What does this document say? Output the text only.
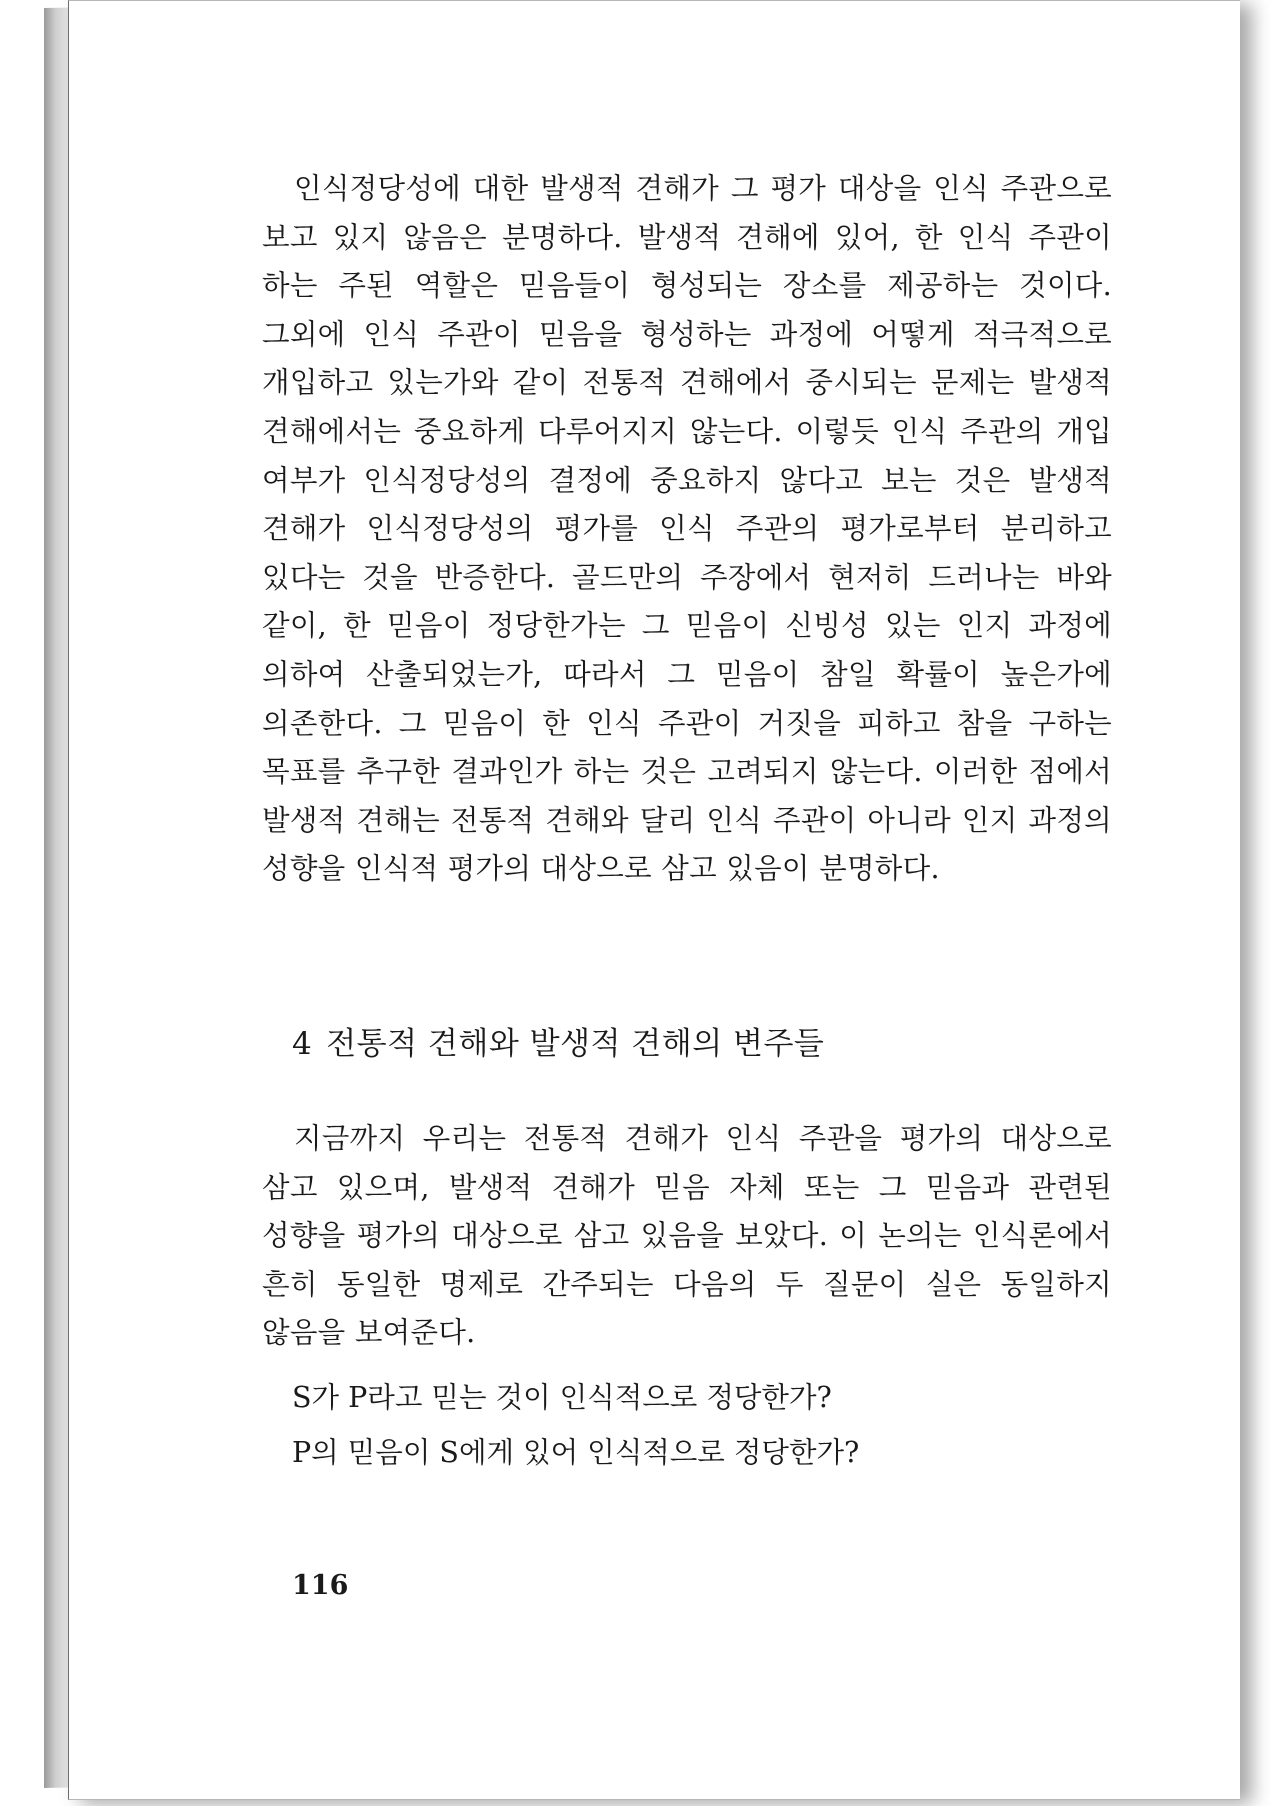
인식정당성에 대한 발생적 견해가 그 평가 대상을 인식 주관으로 보고 있지 않음은 분명하다. 발생적 견해에 있어, 한 인식 주관이 하는 주된 역할은 믿음들이 형성되는 장소를 제공하는 것이다. 그외에 인식 주관이 믿음을 형성하는 과정에 어떻게 적극적으로 개입하고 있는가와 같이 전통적 견해에서 중시되는 문제는 발생적 견해에서는 중요하게 다루어지지 않는다. 이렇듯 인식 주관의 개입 여부가 인식정당성의 결정에 중요하지 않다고 보는 것은 발생적 견해가 인식정당성의 평가를 인식 주관의 평가로부터 분리하고 있다는 것을 반증한다. 골드만의 주장에서 현저히 드러나는 바와 같이, 한 믿음이 정당한가는 그 믿음이 신빙성 있는 인지 과정에 의하여 산출되었는가, 따라서 그 믿음이 참일 확률이 높은가에 의존한다. 그 믿음이 한 인식 주관이 거짓을 피하고 참을 구하는 목표를 추구한 결과인가 하는 것은 고려되지 않는다. 이러한 점에서 발생적 견해는 전통적 견해와 달리 인식 주관이 아니라 인지 과정의 성향을 인식적 평가의 대상으로 삼고 있음이 분명하다.

4 전통적 견해와 발생적 견해의 변주들

지금까지 우리는 전통적 견해가 인식 주관을 평가의 대상으로 삼고 있으며, 발생적 견해가 믿음 자체 또는 그 믿음과 관련된 성향을 평가의 대상으로 삼고 있음을 보았다. 이 논의는 인식론에서 흔히 동일한 명제로 간주되는 다음의 두 질문이 실은 동일하지 않음을 보여준다.

S가 P라고 믿는 것이 인식적으로 정당한가?
P의 믿음이 S에게 있어 인식적으로 정당한가?
116
